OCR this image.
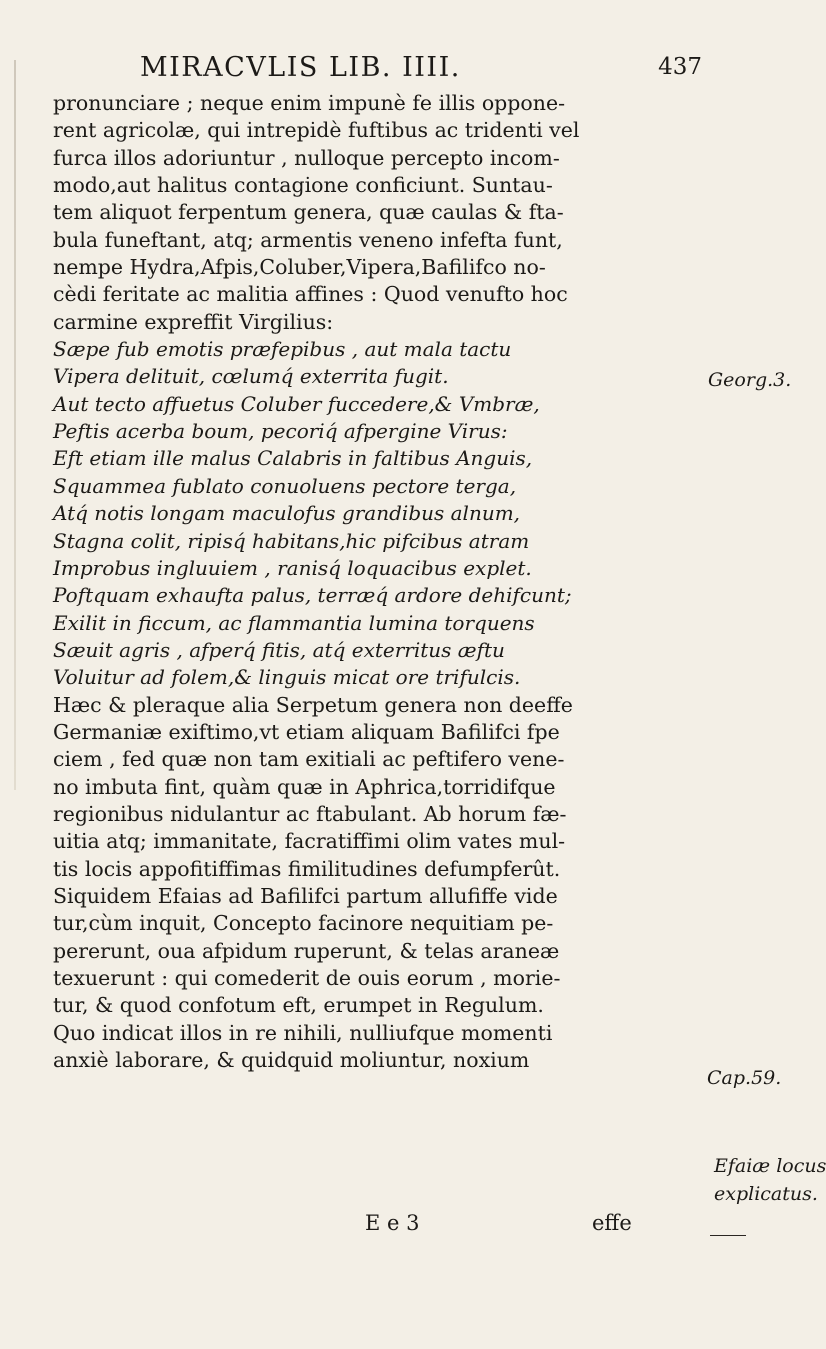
MIRACVLIS LIB. IIII.	437
pronunciare ; neque enim impunè fe illis oppone-
rent agricolæ, qui intrepidè fuftibus ac tridenti vel
furca illos adoriuntur , nulloque percepto incom-
modo,aut halitus contagione conficiunt. Suntau-
tem aliquot ferpentum genera, quæ caulas & fta-
bula funeftant, atq; armentis veneno infefta funt,
nempe Hydra,Afpis,Coluber,Vipera,Bafilifco no-
cèdi feritate ac malitia affines : Quod venufto hoc
carmine expreffit Virgilius:
Sæpe fub emotis præfepibus , aut mala tactu
Vipera delituit, cœlumq́ exterrita fugit.
Aut tecto affuetus Coluber fuccedere,& Vmbræ,
Peftis acerba boum, pecoriq́ afpergine Virus:
Eft etiam ille malus Calabris in faltibus Anguis,
Squammea fublato conuoluens pectore terga,
Atq́ notis longam maculofus grandibus alnum,
Stagna colit, ripisq́ habitans,hic pifcibus atram
Improbus ingluuiem , ranisq́ loquacibus explet.
Poftquam exhaufta palus, terræq́ ardore dehifcunt;
Exilit in ficcum, ac flammantia lumina torquens
Sæuit agris , afperq́ fitis, atq́ exterritus æftu
Voluitur ad folem,& linguis micat ore trifulcis.
Hæc & pleraque alia Serpetum genera non deeffe
Germaniæ exiftimo,vt etiam aliquam Bafilifci fpe
ciem , fed quæ non tam exitiali ac peftifero vene-
no imbuta fint, quàm quæ in Aphrica,torridifque
regionibus nidulantur ac ftabulant. Ab horum fæ-
uitia atq; immanitate, facratiffimi olim vates mul-
tis locis appofitiffimas fimilitudines defumpferût.
Siquidem Efaias ad Bafilifci partum allufiffe vide
tur,cùm inquit, Concepto facinore nequitiam pe-
pererunt, oua afpidum ruperunt, & telas araneæ
texuerunt : qui comederit de ouis eorum , morie-
tur, & quod confotum eft, erumpet in Regulum.
Quo indicat illos in re nihili, nulliufque momenti
anxiè laborare, & quidquid moliuntur, noxium
Georg.3.
Cap.59.
Efaiæ locus
explicatus.
E e 3	effe
